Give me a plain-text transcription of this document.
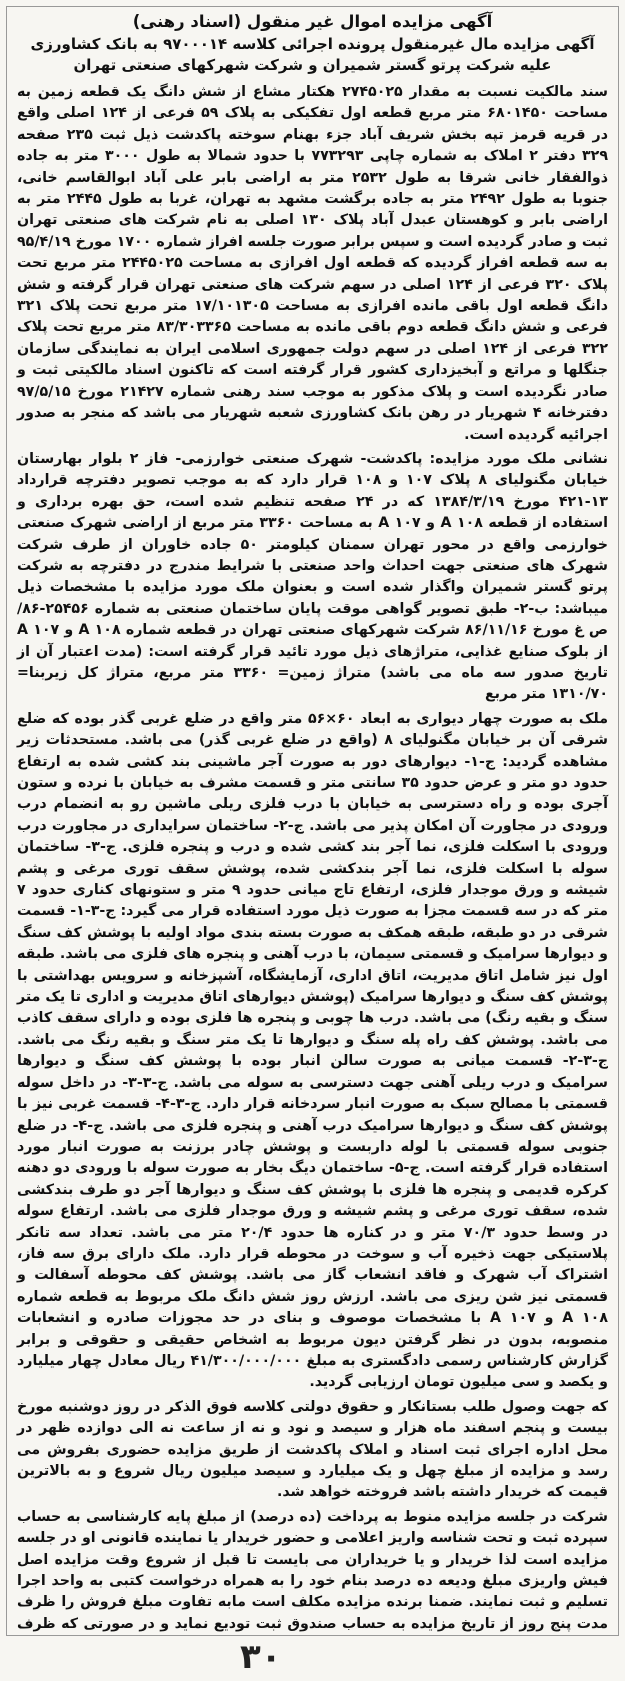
آگهی مزایده اموال غیر منقول (اسناد رهنی)
آگهی مزایده مال غیرمنقول پرونده اجرائی کلاسه ۹۷۰۰۰۱۴ به بانک کشاورزی علیه شرکت پرتو گستر شمیران و شرکت شهرکهای صنعتی تهران

سند مالکیت نسبت به مقدار ۲۷۴۵۰۲۵ هکتار مشاع از شش دانگ یک قطعه زمین به مساحت ۶۸۰۱۴۵۰ متر مربع قطعه اول تفکیکی به پلاک ۵۹ فرعی از ۱۲۴ اصلی واقع در قریه قرمز تپه بخش شریف آباد جزء بهنام سوخته پاکدشت ذیل ثبت ۲۳۵ صفحه ۳۲۹ دفتر ۲ املاک به شماره چاپی ۷۷۳۲۹۳ با حدود شمالا به طول ۳۰۰۰ متر به جاده ذوالفقار خانی شرقا به طول ۲۵۳۲ متر به اراضی بابر علی آباد ابوالقاسم خانی، جنوبا به طول ۲۴۹۲ متر به جاده برگشت مشهد به تهران، غربا به طول ۲۴۴۵ متر به اراضی بابر و کوهستان عبدل آباد پلاک ۱۳۰ اصلی به نام شرکت های صنعتی تهران ثبت و صادر گردیده است و سپس برابر صورت جلسه افراز شماره ۱۷۰۰ مورخ ۹۵/۴/۱۹ به سه قطعه افراز گردیده که قطعه اول افرازی به مساحت ۲۴۴۵۰۲۵ متر مربع تحت پلاک ۳۲۰ فرعی از ۱۲۴ اصلی در سهم شرکت های صنعتی تهران قرار گرفته و شش دانگ قطعه اول باقی مانده افرازی به مساحت ۱۷/۱۰۱۳۰۵ متر مربع تحت پلاک ۳۲۱ فرعی و شش دانگ قطعه دوم باقی مانده به مساحت ۸۳/۳۰۳۳۶۵ متر مربع تحت پلاک ۳۲۲ فرعی از ۱۲۴ اصلی در سهم دولت جمهوری اسلامی ایران به نمایندگی سازمان جنگلها و مراتع و آبخیزداری کشور قرار گرفته است که تاکنون اسناد مالکیتی ثبت و صادر نگردیده است و پلاک مذکور به موجب سند رهنی شماره ۲۱۴۲۷ مورخ ۹۷/۵/۱۵ دفترخانه ۴ شهریار در رهن بانک کشاورزی شعبه شهریار می باشد که منجر به صدور اجرائیه گردیده است.

نشانی ملک مورد مزایده: پاکدشت- شهرک صنعتی خوارزمی- فاز ۲ بلوار بهارستان خیابان مگنولیای ۸ پلاک ۱۰۷ و ۱۰۸ قرار دارد که به موجب تصویر دفترچه قرارداد ۱۳-۴۲۱ مورخ ۱۳۸۴/۳/۱۹ که در ۲۴ صفحه تنظیم شده است، حق بهره برداری و استفاده از قطعه ۱۰۸ A و ۱۰۷ A به مساحت ۳۳۶۰ متر مربع از اراضی شهرک صنعتی خوارزمی واقع در محور تهران سمنان کیلومتر ۵۰ جاده خاوران از طرف شرکت شهرک های صنعتی جهت احداث واحد صنعتی با شرایط مندرج در دفترچه به شرکت پرتو گستر شمیران واگذار شده است و بعنوان ملک مورد مزایده با مشخصات ذیل میباشد: ب-۲- طبق تصویر گواهی موقت پایان ساختمان صنعتی به شماره ۲۵۴۵۶-۸۶/ص غ مورخ ۸۶/۱۱/۱۶ شرکت شهرکهای صنعتی تهران در قطعه شماره ۱۰۸ A و ۱۰۷ A از بلوک صنایع غذایی، متراژهای ذیل مورد تائید قرار گرفته است: (مدت اعتبار آن از تاریخ صدور سه ماه می باشد) متراژ زمین= ۳۳۶۰ متر مربع، متراژ کل زیربنا= ۱۳۱۰/۷۰ متر مربع

ملک به صورت چهار دیواری به ابعاد ۶۰×۵۶ متر واقع در ضلع غربی گذر بوده که ضلع شرقی آن بر خیابان مگنولیای ۸ (واقع در ضلع غربی گذر) می باشد. مستحدثات زیر مشاهده گردید: ج-۱- دیوارهای دور به صورت آجر ماشینی بند کشی شده به ارتفاع حدود دو متر و عرض حدود ۳۵ سانتی متر و قسمت مشرف به خیابان با نرده و ستون آجری بوده و راه دسترسی به خیابان با درب فلزی ریلی ماشین رو به انضمام درب ورودی در مجاورت آن امکان پذیر می باشد. ج-۲- ساختمان سرایداری در مجاورت درب ورودی با اسکلت فلزی، نما آجر بند کشی شده و درب و پنجره فلزی. ج-۳- ساختمان سوله با اسکلت فلزی، نما آجر بندکشی شده، پوشش سقف توری مرغی و پشم شیشه و ورق موجدار فلزی، ارتفاع تاج میانی حدود ۹ متر و ستونهای کناری حدود ۷ متر که در سه قسمت مجزا به صورت ذیل مورد استفاده قرار می گیرد: ج-۳-۱- قسمت شرقی در دو طبقه، طبقه همکف به صورت بسته بندی مواد اولیه با پوشش کف سنگ و دیوارها سرامیک و قسمتی سیمان، با درب آهنی و پنجره های فلزی می باشد. طبقه اول نیز شامل اتاق مدیریت، اتاق اداری، آزمایشگاه، آشپزخانه و سرویس بهداشتی با پوشش کف سنگ و دیوارها سرامیک (پوشش دیوارهای اتاق مدیریت و اداری تا یک متر سنگ و بقیه رنگ) می باشد. درب ها چوبی و پنجره ها فلزی بوده و دارای سقف کاذب می باشد. پوشش کف راه پله سنگ و دیوارها تا یک متر سنگ و بقیه رنگ می باشد. ج-۳-۲- قسمت میانی به صورت سالن انبار بوده با پوشش کف سنگ و دیوارها سرامیک و درب ریلی آهنی جهت دسترسی به سوله می باشد. ج-۳-۳- در داخل سوله قسمتی با مصالح سبک به صورت انبار سردخانه قرار دارد. ج-۳-۴- قسمت غربی نیز با پوشش کف سنگ و دیوارها سرامیک درب آهنی و پنجره فلزی می باشد. ج-۴- در ضلع جنوبی سوله قسمتی با لوله داربست و پوشش چادر برزنت به صورت انبار مورد استفاده قرار گرفته است. ج-۵- ساختمان دیگ بخار به صورت سوله با ورودی دو دهنه کرکره قدیمی و پنجره ها فلزی با پوشش کف سنگ و دیوارها آجر دو طرف بندکشی شده، سقف توری مرغی و پشم شیشه و ورق موجدار فلزی می باشد. ارتفاع سوله در وسط حدود ۷۰/۳ متر و در کناره ها حدود ۲۰/۴ متر می باشد. تعداد سه تانکر پلاستیکی جهت ذخیره آب و سوخت در محوطه قرار دارد. ملک دارای برق سه فاز، اشتراک آب شهرک و فاقد انشعاب گاز می باشد. پوشش کف محوطه آسفالت و قسمتی نیز شن ریزی می باشد. ارزش روز شش دانگ ملک مربوط به قطعه شماره ۱۰۸ A و ۱۰۷ A با مشخصات موصوف و بنای در حد مجوزات صادره و انشعابات منصوبه، بدون در نظر گرفتن دیون مربوط به اشخاص حقیقی و حقوقی و برابر گزارش کارشناس رسمی دادگستری به مبلغ ۴۱/۳۰۰/۰۰۰/۰۰۰ ریال معادل چهار میلیارد و یکصد و سی میلیون تومان ارزیابی گردید.

که جهت وصول طلب بستانکار و حقوق دولتی کلاسه فوق الذکر در روز دوشنبه مورخ بیست و پنجم اسفند ماه هزار و سیصد و نود و نه از ساعت نه الی دوازده ظهر در محل اداره اجرای ثبت اسناد و املاک پاکدشت از طریق مزایده حضوری بفروش می رسد و مزایده از مبلغ چهل و یک میلیارد و سیصد میلیون ریال شروع و به بالاترین قیمت که خریدار داشته باشد فروخته خواهد شد.

شرکت در جلسه مزایده منوط به پرداخت (ده درصد) از مبلغ پایه کارشناسی به حساب سپرده ثبت و تحت شناسه واریز اعلامی و حضور خریدار یا نماینده قانونی او در جلسه مزایده است لذا خریدار و یا خریداران می بایست تا قبل از شروع وقت مزایده اصل فیش واریزی مبلغ ودیعه ده درصد بنام خود را به همراه درخواست کتبی به واحد اجرا تسلیم و ثبت نمایند. ضمنا برنده مزایده مکلف است مابه تفاوت مبلغ فروش را ظرف مدت پنج روز از تاریخ مزایده به حساب صندوق ثبت تودیع نماید و در صورتی که ظرف

۳۰
